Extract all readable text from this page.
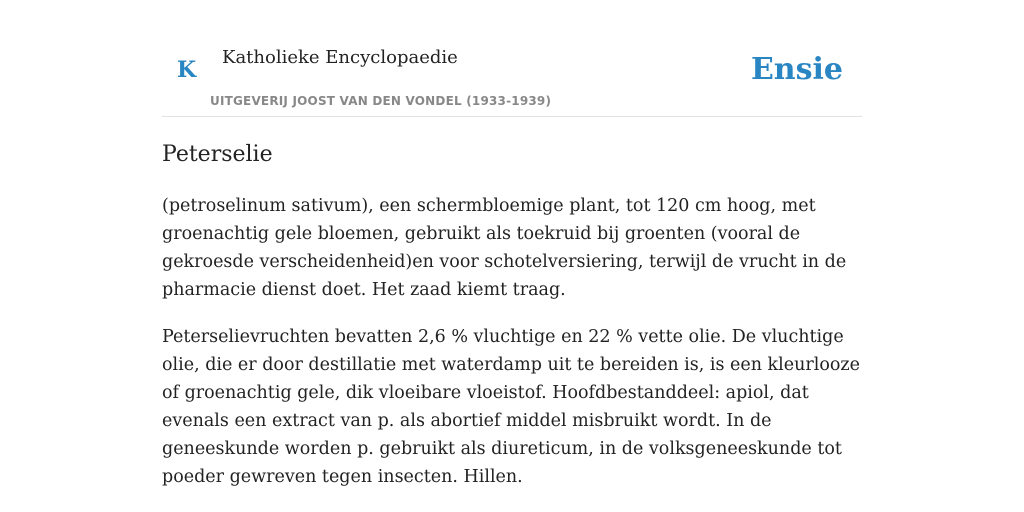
K Katholieke Encyclopaedie
UITGEVERIJ JOOST VAN DEN VONDEL (1933-1939)
Ensie
Peterselie

(petroselinum sativum), een schermbloemige plant, tot 120 cm hoog, met groenachtig gele bloemen, gebruikt als toekruid bij groenten (vooral de gekroesde verscheidenheid)en voor schotelversiering, terwijl de vrucht in de pharmacie dienst doet. Het zaad kiemt traag.

Peterselievruchten bevatten 2,6 % vluchtige en 22 % vette olie. De vluchtige olie, die er door destillatie met waterdamp uit te bereiden is, is een kleurlooze of groenachtig gele, dik vloeibare vloeistof. Hoofdbestanddeel: apiol, dat evenals een extract van p. als abortief middel misbruikt wordt. In de geneeskunde worden p. gebruikt als diureticum, in de volksgeneeskunde tot poeder gewreven tegen insecten. Hillen.
